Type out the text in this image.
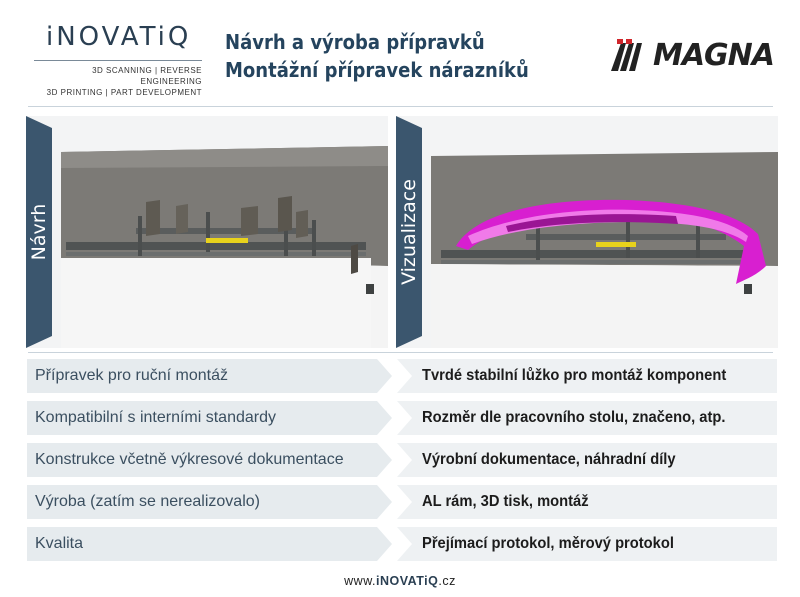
iNOVATiQ
3D SCANNING | REVERSE ENGINEERING
3D PRINTING | PART DEVELOPMENT
Návrh a výroba přípravků
Montážní přípravek nárazníků	MAGNA
Návrh	Vizualizace
Přípravek pro ruční montáž	Tvrdé stabilní lůžko pro montáž komponent
Kompatibilní s interními standardy	Rozměr dle pracovního stolu, značeno, atp.
Konstrukce včetně výkresové dokumentace	Výrobní dokumentace, náhradní díly
Výroba (zatím se nerealizovalo)	AL rám, 3D tisk, montáž
Kvalita	Přejímací protokol, měrový protokol
www.iNOVATiQ.cz
